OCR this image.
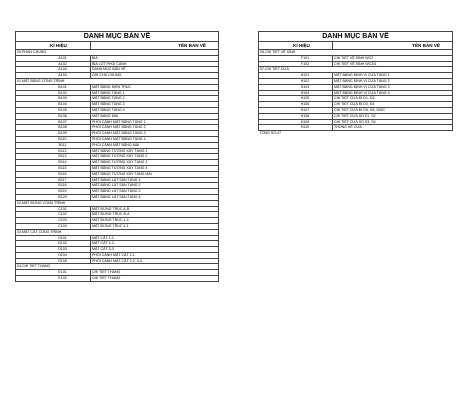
DANH MỤC BẢN VẼ	
KÍ HIỆU	TÊN BẢN VẼ
00.PHẦN CHUNG	
A101	BÌA
A102	BÌA LÓT PHỐI CẢNH
A103	DANH MỤC BẢN VẼ
A104	GHI CHÚ CHUNG
01.MẶT BẰNG CÔNG TRÌNH	
B101	MẶT BẰNG KIẾN TRÚC
B102	MẶT BẰNG TẦNG 1
B103	MẶT BẰNG TẦNG 2
B104	MẶT BẰNG TẦNG 3
B105	MẶT BẰNG TẦNG 4
B106	MẶT BẰNG MÁI
B107	PHỐI CẢNH MẶT BẰNG TẦNG 1
B108	PHỐI CẢNH MẶT BẰNG TẦNG 2
B109	PHỐI CẢNH MẶT BẰNG TẦNG 3
B110	PHỐI CẢNH MẶT BẰNG TẦNG 4
B111	PHỐI CẢNH MẶT BẰNG MÁI
B112	MẶT BẰNG TƯỜNG XÂY TẦNG 1
B113	MẶT BẰNG TƯỜNG XÂY TẦNG 2
B114	MẶT BẰNG TƯỜNG XÂY TẦNG 3
B115	MẶT BẰNG TƯỜNG XÂY TẦNG 4
B116	MẶT BẰNG TƯỜNG XÂY TẦNG MÁI
B117	MẶT BẰNG LÁT SÀN TẦNG 1
B118	MẶT BẰNG LÁT SÀN TẦNG 2
B119	MẶT BẰNG LÁT SÀN TẦNG 3
B120	MẶT BẰNG LÁT SÀN TẦNG 4
02.MẶT ĐỨNG CÔNG TRÌNH	
C101	MẶT ĐỨNG TRỤC A-B
C102	MẶT ĐỨNG TRỤC B-A
C103	MẶT ĐỨNG TRỤC 1-4
C104	MẶT ĐỨNG TRỤC 4-1
03.MẶT CẮT CÔNG TRÌNH	
D101	MẶT CẮT 1-1
D102	MẶT CẮT 2-2
D103	MẶT CẮT 3-3
D104	PHỐI CẢNH MẶT CẮT 1-1
D105	PHỐI CẢNH MẶT CẮT 2-2, 3-3
04.CHI TIẾT THANG	
E101	CHI TIẾT THANG
E102	CHI TIẾT THANG
DANH MỤC BẢN VẼ	
KÍ HIỆU	TÊN BẢN VẼ
05.CHI TIẾT VỆ SINH	
F101	CHI TIẾT VỆ SINH WC2
F102	CHI TIẾT VỆ SINH WC3/4
07.CHI TIẾT CỬA	
H101	MẶT BẰNG ĐỊNH VỊ CỬA TẦNG 1
H102	MẶT BẰNG ĐỊNH VỊ CỬA TẦNG 2
H103	MẶT BẰNG ĐỊNH VỊ CỬA TẦNG 3
H104	MẶT BẰNG ĐỊNH VỊ CỬA TẦNG 4
H105	CHI TIẾT CỬA ĐI D1, D2
H106	CHI TIẾT CỬA ĐI D3, D4
H107	CHI TIẾT CỬA ĐI D5, D6, DWC
H108	CHI TIẾT CỬA SỔ S1, S2
H109	CHI TIẾT CỬA SỔ S3, S4
H110	THỐNG KÊ CỬA
TỔNG SỐ:47	
